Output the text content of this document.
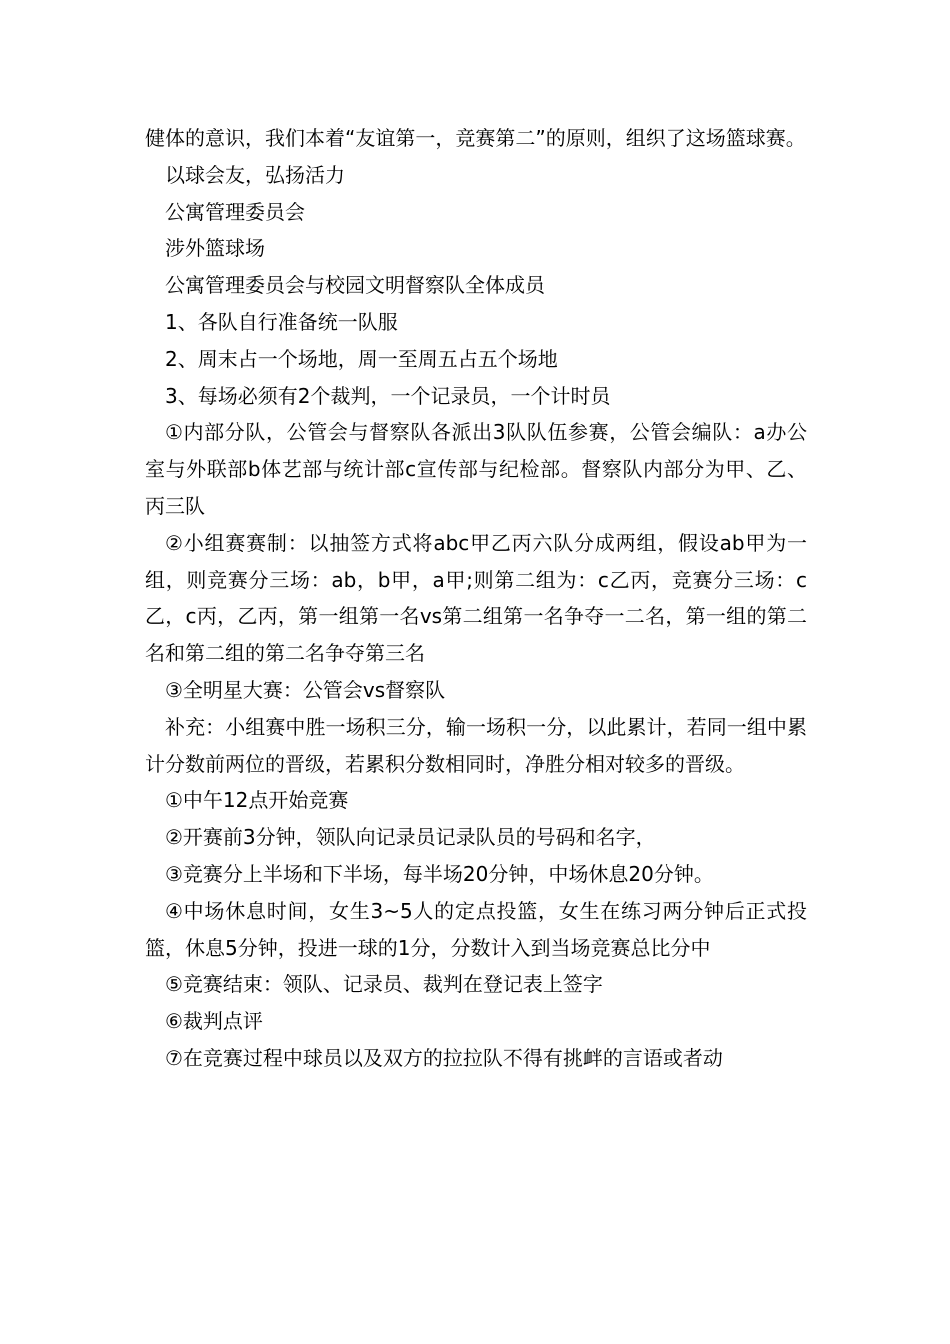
健体的意识，我们本着“友谊第一，竞赛第二”的原则，组织了这场篮球赛。

以球会友，弘扬活力

公寓管理委员会

涉外篮球场

公寓管理委员会与校园文明督察队全体成员

1、各队自行准备统一队服

2、周末占一个场地，周一至周五占五个场地

3、每场必须有2个裁判，一个记录员，一个计时员

①内部分队，公管会与督察队各派出3队队伍参赛，公管会编队：a办公室与外联部b体艺部与统计部c宣传部与纪检部。督察队内部分为甲、乙、丙三队

②小组赛赛制：以抽签方式将abc甲乙丙六队分成两组，假设ab甲为一组，则竞赛分三场：ab，b甲，a甲;则第二组为：c乙丙，竞赛分三场：c乙，c丙，乙丙，第一组第一名vs第二组第一名争夺一二名，第一组的第二名和第二组的第二名争夺第三名

③全明星大赛：公管会vs督察队

补充：小组赛中胜一场积三分，输一场积一分，以此累计，若同一组中累计分数前两位的晋级，若累积分数相同时，净胜分相对较多的晋级。

①中午12点开始竞赛

②开赛前3分钟，领队向记录员记录队员的号码和名字，

③竞赛分上半场和下半场，每半场20分钟，中场休息20分钟。

④中场休息时间，女生3~5人的定点投篮，女生在练习两分钟后正式投篮，休息5分钟，投进一球的1分，分数计入到当场竞赛总比分中

⑤竞赛结束：领队、记录员、裁判在登记表上签字

⑥裁判点评

⑦在竞赛过程中球员以及双方的拉拉队不得有挑衅的言语或者动
